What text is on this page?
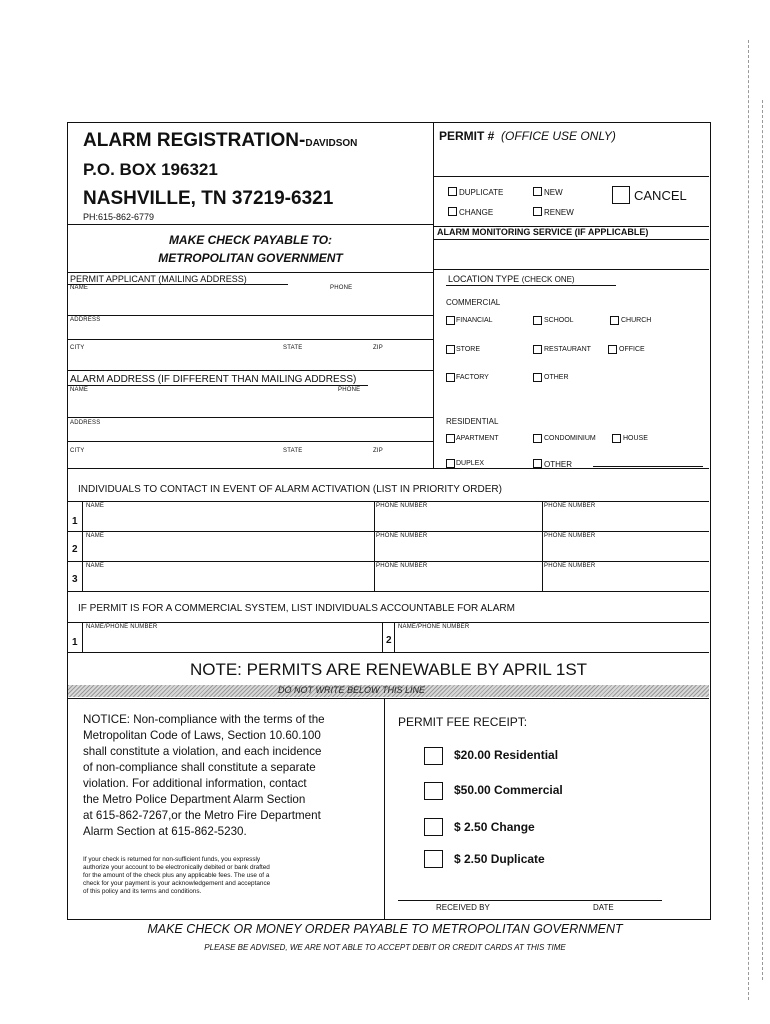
ALARM REGISTRATION-DAVIDSON
P.O. BOX 196321
NASHVILLE, TN 37219-6321
PH:615-862-6779
MAKE CHECK PAYABLE TO:
METROPOLITAN GOVERNMENT
PERMIT # (OFFICE USE ONLY)
DUPLICATE	NEW	CANCEL
CHANGE	RENEW
ALARM MONITORING SERVICE (IF APPLICABLE)
PERMIT APPLICANT (MAILING ADDRESS)
NAME	PHONE
ADDRESS
CITY	STATE	ZIP
ALARM ADDRESS (IF DIFFERENT THAN MAILING ADDRESS)
NAME	PHONE
ADDRESS
CITY	STATE	ZIP
LOCATION TYPE (CHECK ONE)
COMMERCIAL
FINANCIAL	SCHOOL	CHURCH
STORE	RESTAURANT	OFFICE
FACTORY	OTHER
RESIDENTIAL
APARTMENT	CONDOMINIUM	HOUSE
DUPLEX	OTHER
INDIVIDUALS TO CONTACT IN EVENT OF ALARM ACTIVATION (LIST IN PRIORITY ORDER)
1
NAME	PHONE NUMBER	PHONE NUMBER
2
NAME	PHONE NUMBER	PHONE NUMBER
3
NAME	PHONE NUMBER	PHONE NUMBER
IF PERMIT IS FOR A COMMERCIAL SYSTEM, LIST INDIVIDUALS ACCOUNTABLE FOR ALARM
1
NAME/PHONE NUMBER
2
NAME/PHONE NUMBER
NOTE: PERMITS ARE RENEWABLE BY APRIL 1ST
DO NOT WRITE BELOW THIS LINE
NOTICE: Non-compliance with the terms of the
Metropolitan Code of Laws, Section 10.60.100
shall constitute a violation, and each incidence
of non-compliance shall constitute a separate
violation. For additional information, contact
the Metro Police Department Alarm Section
at 615-862-7267,or the Metro Fire Department
Alarm Section at 615-862-5230.
If your check is returned for non-sufficient funds, you expressly
authorize your account to be electronically debited or bank drafted
for the amount of the check plus any applicable fees. The use of a
check for your payment is your acknowledgement and acceptance
of this policy and its terms and conditions.
PERMIT FEE RECEIPT:
$20.00 Residential
$50.00 Commercial
$ 2.50 Change
$ 2.50 Duplicate
RECEIVED BY	DATE
MAKE CHECK OR MONEY ORDER PAYABLE TO METROPOLITAN GOVERNMENT
PLEASE BE ADVISED, WE ARE NOT ABLE TO ACCEPT DEBIT OR CREDIT CARDS AT THIS TIME
